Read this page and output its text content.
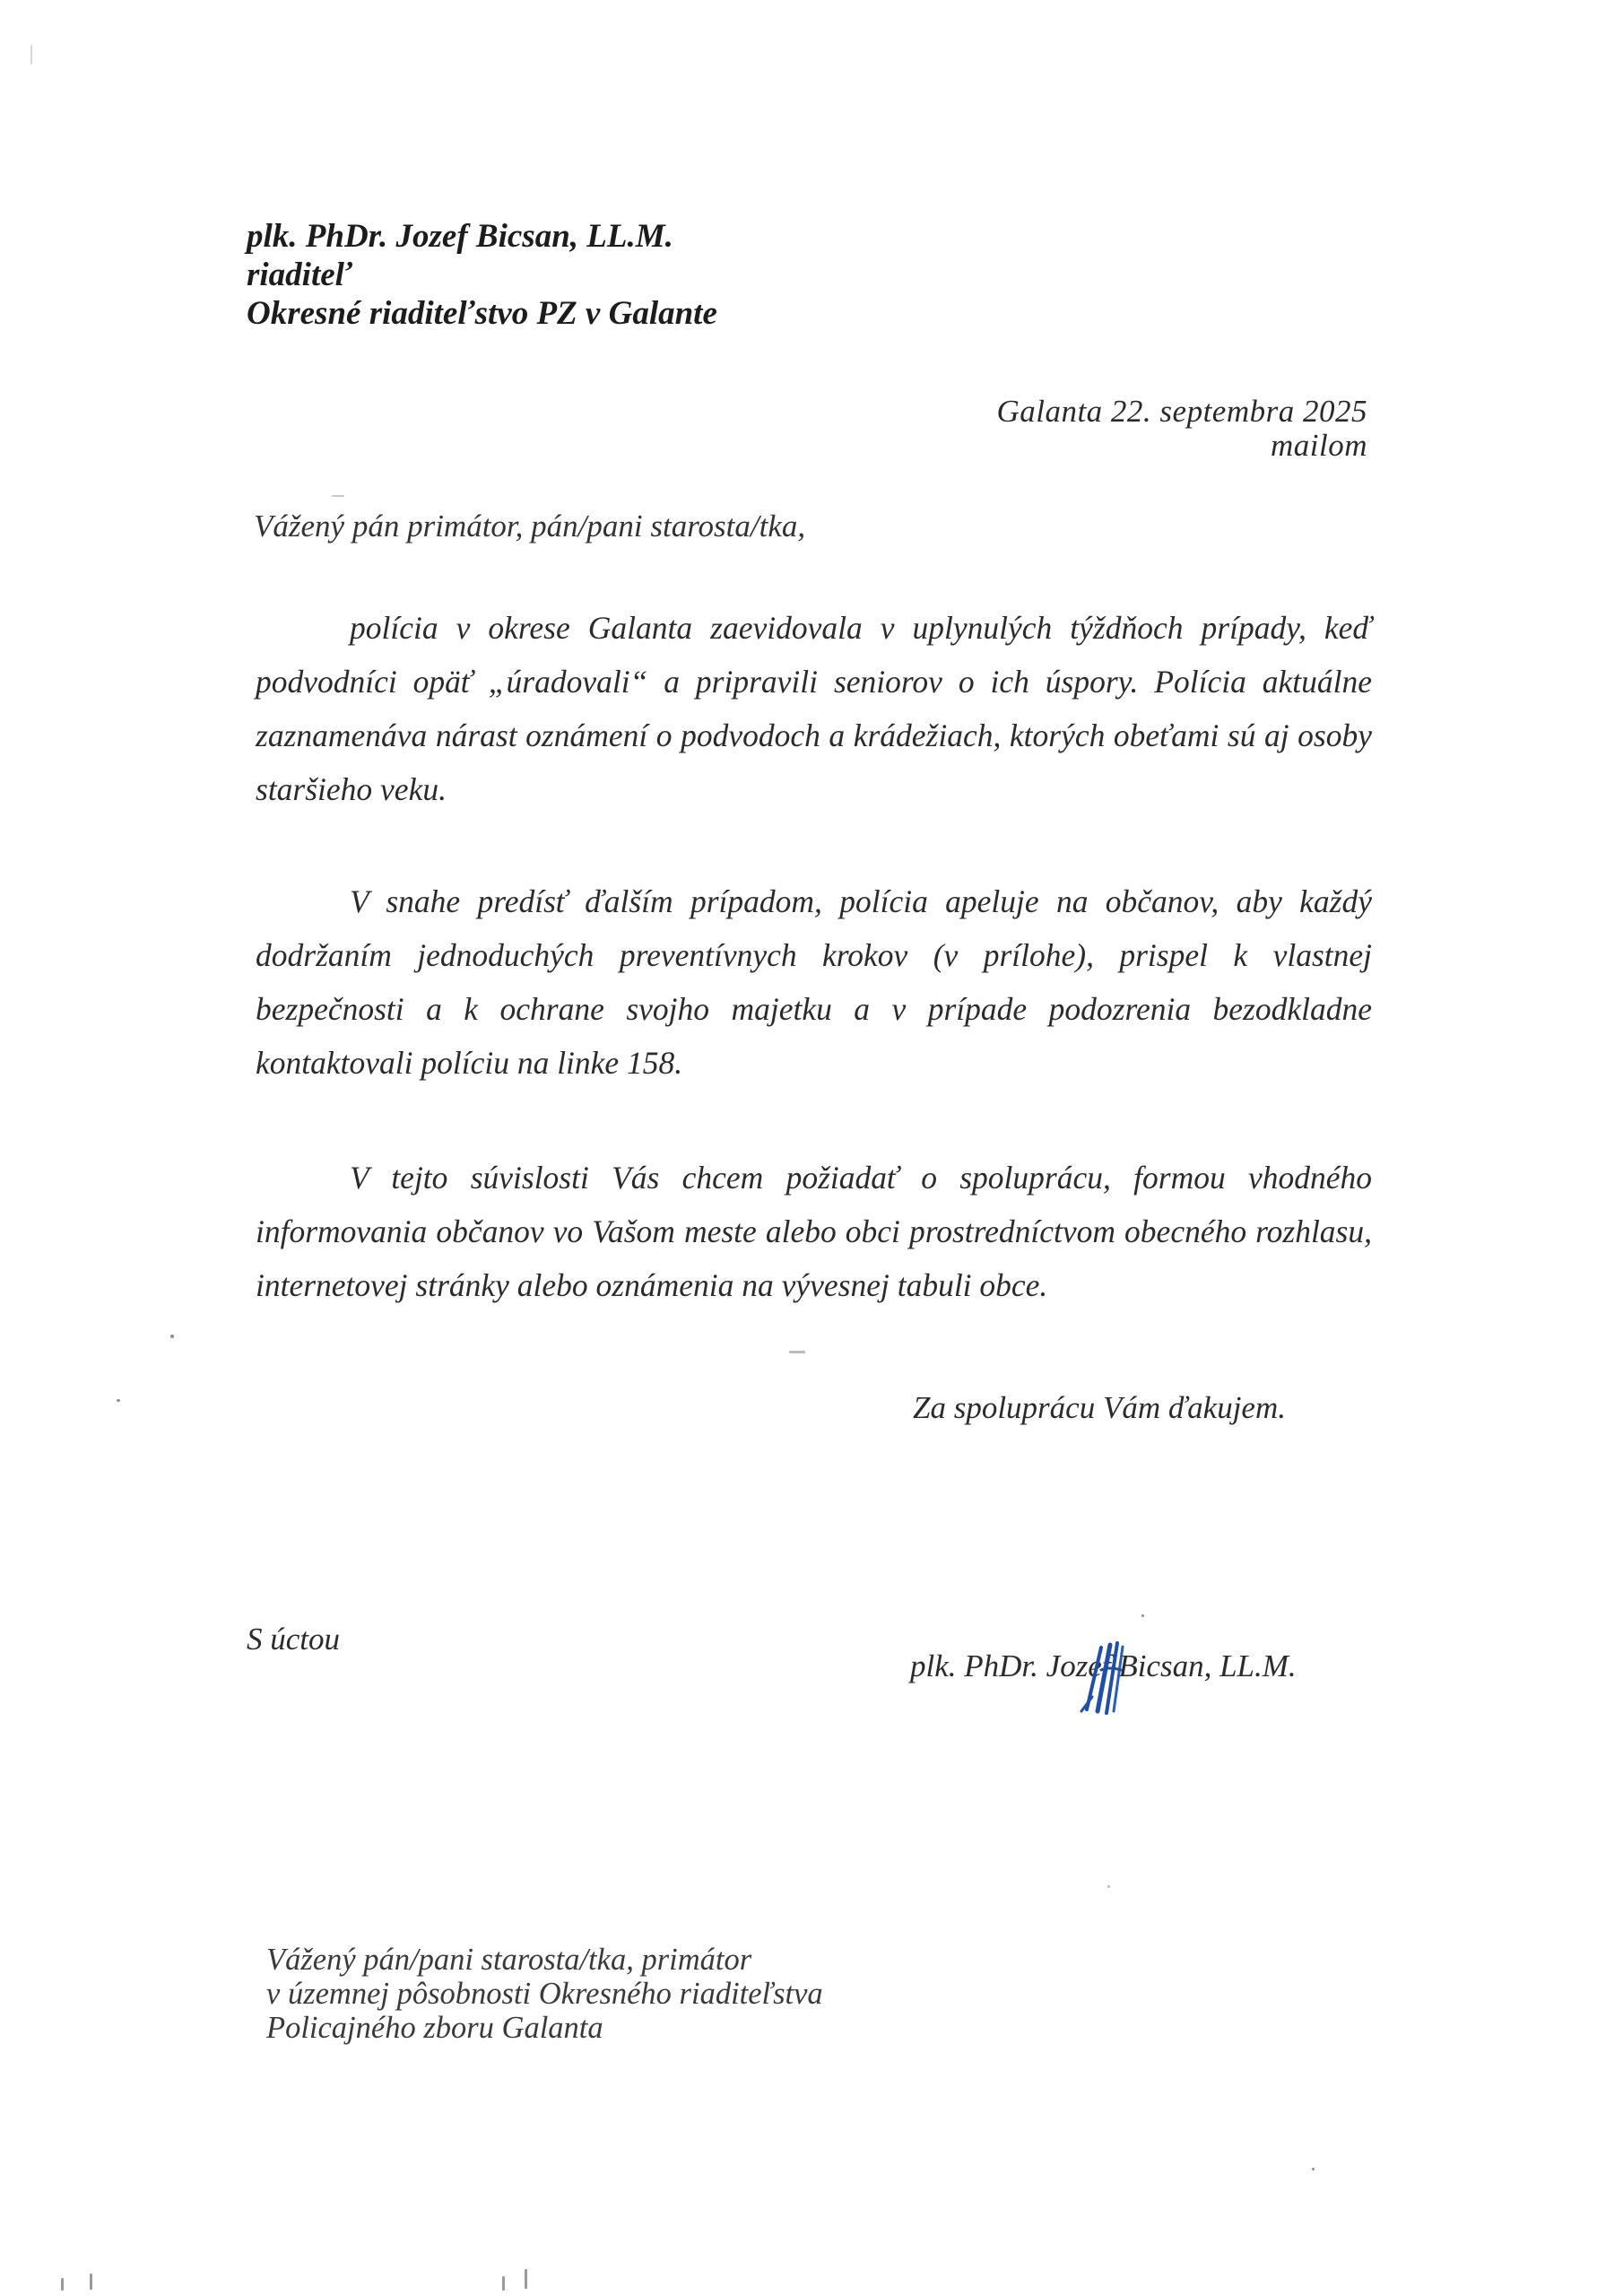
plk. PhDr. Jozef Bicsan, LL.M.
riaditeľ
Okresné riaditeľstvo PZ v Galante
Galanta 22. septembra 2025
mailom
Vážený pán primátor, pán/pani starosta/tka,
polícia v okrese Galanta zaevidovala v uplynulých týždňoch prípady, keď podvodníci opäť „úradovali“ a pripravili seniorov o ich úspory. Polícia aktuálne zaznamenáva nárast oznámení o podvodoch a krádežiach, ktorých obeťami sú aj osoby staršieho veku.
V snahe predísť ďalším prípadom, polícia apeluje na občanov, aby každý dodržaním jednoduchých preventívnych krokov (v prílohe), prispel k vlastnej bezpečnosti a k ochrane svojho majetku a v prípade podozrenia bezodkladne kontaktovali políciu na linke 158.
V tejto súvislosti Vás chcem požiadať o spoluprácu, formou vhodného informovania občanov vo Vašom meste alebo obci prostredníctvom obecného rozhlasu, internetovej stránky alebo oznámenia na vývesnej tabuli obce.
Za spoluprácu Vám ďakujem.
S úctou
plk. PhDr. Jozef Bicsan, LL.M.
Vážený pán/pani starosta/tka, primátor
v územnej pôsobnosti Okresného riaditeľstva
Policajného zboru Galanta
